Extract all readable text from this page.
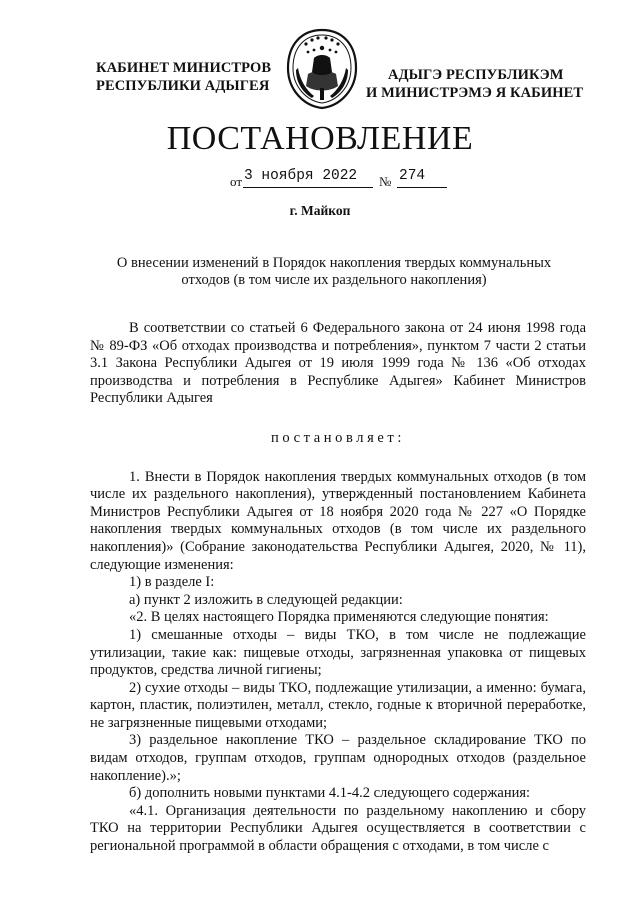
КАБИНЕТ МИНИСТРОВ
РЕСПУБЛИКИ АДЫГЕЯ
АДЫГЭ РЕСПУБЛИКЭМ
И МИНИСТРЭМЭ Я КАБИНЕТ
ПОСТАНОВЛЕНИЕ
от 3 ноября 2022 № 274
г. Майкоп
О внесении изменений в Порядок накопления твердых коммунальных
отходов (в том числе их раздельного накопления)

В соответствии со статьей 6 Федерального закона от 24 июня 1998 года № 89-ФЗ «Об отходах производства и потребления», пунктом 7 части 2 статьи 3.1 Закона Республики Адыгея от 19 июля 1999 года № 136 «Об отходах производства и потребления в Республике Адыгея» Кабинет Министров Республики Адыгея

постановляет:

1. Внести в Порядок накопления твердых коммунальных отходов (в том числе их раздельного накопления), утвержденный постановлением Кабинета Министров Республики Адыгея от 18 ноября 2020 года № 227 «О Порядке накопления твердых коммунальных отходов (в том числе их раздельного накопления)» (Собрание законодательства Республики Адыгея, 2020, № 11), следующие изменения:

1) в разделе I:

а) пункт 2 изложить в следующей редакции:

«2. В целях настоящего Порядка применяются следующие понятия:

1) смешанные отходы – виды ТКО, в том числе не подлежащие утилизации, такие как: пищевые отходы, загрязненная упаковка от пищевых продуктов, средства личной гигиены;

2) сухие отходы – виды ТКО, подлежащие утилизации, а именно: бумага, картон, пластик, полиэтилен, металл, стекло, годные к вторичной переработке, не загрязненные пищевыми отходами;

3) раздельное накопление ТКО – раздельное складирование ТКО по видам отходов, группам отходов, группам однородных отходов (раздельное накопление).»;

б) дополнить новыми пунктами 4.1-4.2 следующего содержания:

«4.1. Организация деятельности по раздельному накоплению и сбору ТКО на территории Республики Адыгея осуществляется в соответствии с региональной программой в области обращения с отходами, в том числе с
